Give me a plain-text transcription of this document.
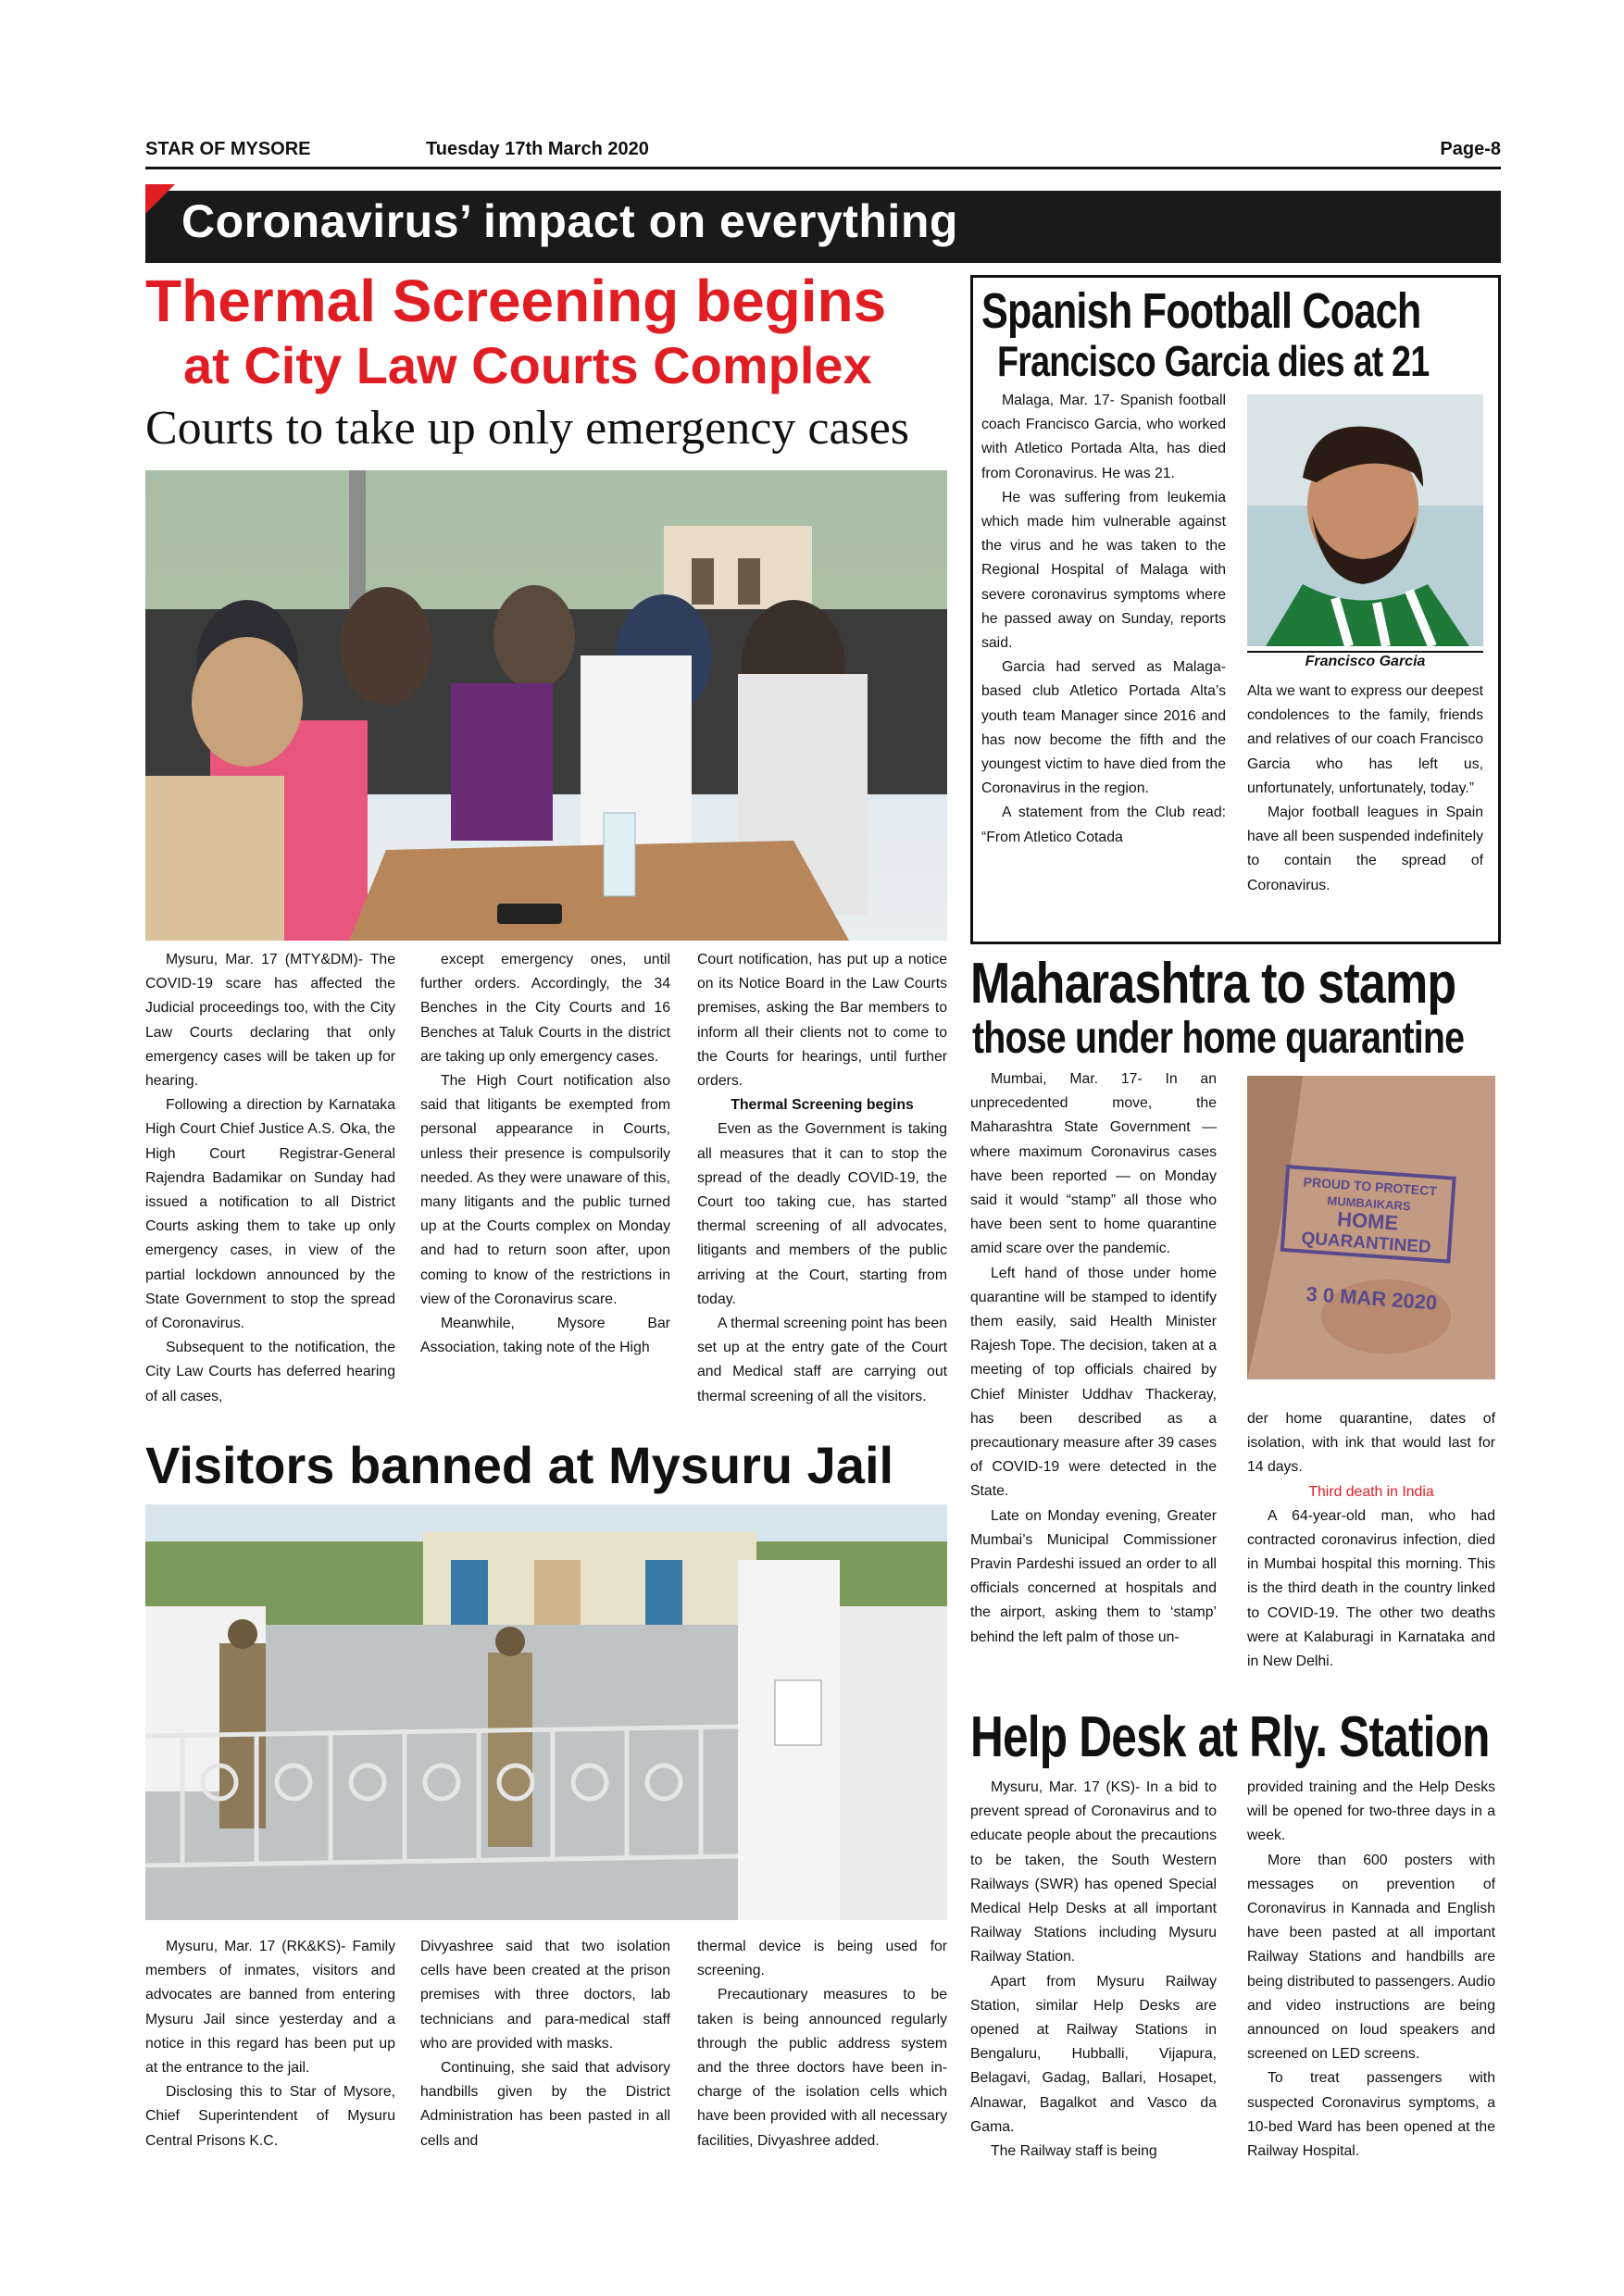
STAR OF MYSORE	Tuesday 17th March 2020	Page-8
Coronavirus’ impact on everything
Thermal Screening begins
at City Law Courts Complex
Courts to take up only emergency cases

Mysuru, Mar. 17 (MTY&DM)- The COVID-19 scare has affected the Judicial proceedings too, with the City Law Courts declaring that only emergency cases will be taken up for hearing.

Following a direction by Karnataka High Court Chief Justice A.S. Oka, the High Court Registrar-General Rajendra Badamikar on Sunday had issued a notification to all District Courts asking them to take up only emergency cases, in view of the partial lockdown announced by the State Government to stop the spread of Coronavirus.

Subsequent to the notification, the City Law Courts has deferred hearing of all cases,

except emergency ones, until further orders. Accordingly, the 34 Benches in the City Courts and 16 Benches at Taluk Courts in the district are taking up only emergency cases.

The High Court notification also said that litigants be exempted from personal appearance in Courts, unless their presence is compulsorily needed. As they were unaware of this, many litigants and the public turned up at the Courts complex on Monday and had to return soon after, upon coming to know of the restrictions in view of the Coronavirus scare.

Meanwhile, Mysore Bar Association, taking note of the High

Court notification, has put up a notice on its Notice Board in the Law Courts premises, asking the Bar members to inform all their clients not to come to the Courts for hearings, until further orders.

Thermal Screening begins

Even as the Government is taking all measures that it can to stop the spread of the deadly COVID-19, the Court too taking cue, has started thermal screening of all advocates, litigants and members of the public arriving at the Court, starting from today.

A thermal screening point has been set up at the entry gate of the Court and Medical staff are carrying out thermal screening of all the visitors.

Spanish Football Coach
Francisco Garcia dies at 21

Malaga, Mar. 17- Spanish football coach Francisco Garcia, who worked with Atletico Portada Alta, has died from Coronavirus. He was 21.

He was suffering from leukemia which made him vulnerable against the virus and he was taken to the Regional Hospital of Malaga with severe coronavirus symptoms where he passed away on Sunday, reports said.

Garcia had served as Malaga-based club Atletico Portada Alta’s youth team Manager since 2016 and has now become the fifth and the youngest victim to have died from the Coronavirus in the region.

A statement from the Club read: “From Atletico Cotada

Francisco Garcia

Alta we want to express our deepest condolences to the family, friends and relatives of our coach Francisco Garcia who has left us, unfortunately, unfortunately, today.”

Major football leagues in Spain have all been suspended indefinitely to contain the spread of Coronavirus.

Maharashtra to stamp
those under home quarantine
PROUD TO PROTECT
MUMBAIKARS
HOME
QUARANTINED
3 0 MAR 2020

Mumbai, Mar. 17- In an unprecedented move, the Maharashtra State Government — where maximum Coronavirus cases have been reported — on Monday said it would “stamp” all those who have been sent to home quarantine amid scare over the pandemic.

Left hand of those under home quarantine will be stamped to identify them easily, said Health Minister Rajesh Tope. The decision, taken at a meeting of top officials chaired by Chief Minister Uddhav Thackeray, has been described as a precautionary measure after 39 cases of COVID-19 were detected in the State.

Late on Monday evening, Greater Mumbai’s Municipal Commissioner Pravin Pardeshi issued an order to all officials concerned at hospitals and the airport, asking them to ‘stamp’ behind the left palm of those un-

der home quarantine, dates of isolation, with ink that would last for 14 days.

Third death in India

A 64-year-old man, who had contracted coronavirus infection, died in Mumbai hospital this morning. This is the third death in the country linked to COVID-19. The other two deaths were at Kalaburagi in Karnataka and in New Delhi.

Visitors banned at Mysuru Jail

Mysuru, Mar. 17 (RK&KS)- Family members of inmates, visitors and advocates are banned from entering Mysuru Jail since yesterday and a notice in this regard has been put up at the entrance to the jail.

Disclosing this to Star of Mysore, Chief Superintendent of Mysuru Central Prisons K.C.

Divyashree said that two isolation cells have been created at the prison premises with three doctors, lab technicians and para-medical staff who are provided with masks.

Continuing, she said that advisory handbills given by the District Administration has been pasted in all cells and

thermal device is being used for screening.

Precautionary measures to be taken is being announced regularly through the public address system and the three doctors have been in-charge of the isolation cells which have been provided with all necessary facilities, Divyashree added.

Help Desk at Rly. Station

Mysuru, Mar. 17 (KS)- In a bid to prevent spread of Coronavirus and to educate people about the precautions to be taken, the South Western Railways (SWR) has opened Special Medical Help Desks at all important Railway Stations including Mysuru Railway Station.

Apart from Mysuru Railway Station, similar Help Desks are opened at Railway Stations in Bengaluru, Hubballi, Vijapura, Belagavi, Gadag, Ballari, Hosapet, Alnawar, Bagalkot and Vasco da Gama.

The Railway staff is being

provided training and the Help Desks will be opened for two-three days in a week.

More than 600 posters with messages on prevention of Coronavirus in Kannada and English have been pasted at all important Railway Stations and handbills are being distributed to passengers. Audio and video instructions are being announced on loud speakers and screened on LED screens.

To treat passengers with suspected Coronavirus symptoms, a 10-bed Ward has been opened at the Railway Hospital.
